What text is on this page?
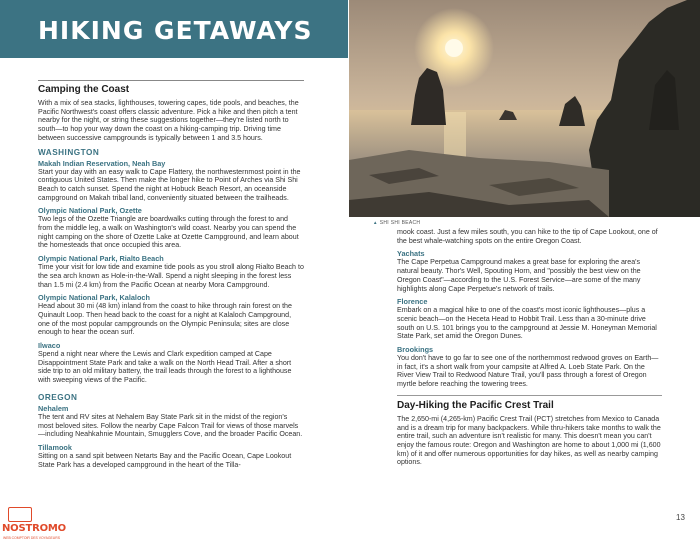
HIKING GETAWAYS
▲ SHI SHI BEACH
Camping the Coast
With a mix of sea stacks, lighthouses, towering capes, tide pools, and beaches, the Pacific Northwest's coast offers classic adventure. Pick a hike and then pitch a tent nearby for the night, or string these suggestions together—they're listed north to south—to hop your way down the coast on a hiking-camping trip. Driving time between successive campgrounds is typically between 1 and 3.5 hours.
WASHINGTON
Makah Indian Reservation, Neah Bay
Start your day with an easy walk to Cape Flattery, the northwesternmost point in the contiguous United States. Then make the longer hike to Point of Arches via Shi Shi Beach to catch sunset. Spend the night at Hobuck Beach Resort, an oceanside campground on Makah tribal land, conveniently situated between the trailheads.
Olympic National Park, Ozette
Two legs of the Ozette Triangle are boardwalks cutting through the forest to and from the middle leg, a walk on Washington's wild coast. Nearby you can spend the night camping on the shore of Ozette Lake at Ozette Campground, and learn about the homesteads that once occupied this area.
Olympic National Park, Rialto Beach
Time your visit for low tide and examine tide pools as you stroll along Rialto Beach to the sea arch known as Hole-in-the-Wall. Spend a night sleeping in the forest less than 1.5 mi (2.4 km) from the Pacific Ocean at nearby Mora Campground.
Olympic National Park, Kalaloch
Head about 30 mi (48 km) inland from the coast to hike through rain forest on the Quinault Loop. Then head back to the coast for a night at Kalaloch Campground, one of the most popular campgrounds on the Olympic Peninsula; sites are close enough to hear the ocean surf.
Ilwaco
Spend a night near where the Lewis and Clark expedition camped at Cape Disappointment State Park and take a walk on the North Head Trail. After a short side trip to an old military battery, the trail leads through the forest to a lighthouse with sweeping views of the Pacific.
OREGON
Nehalem
The tent and RV sites at Nehalem Bay State Park sit in the midst of the region's most beloved sites. Follow the nearby Cape Falcon Trail for views of those marvels—including Neahkahnie Mountain, Smugglers Cove, and the broader Pacific Ocean.
Tillamook
Sitting on a sand spit between Netarts Bay and the Pacific Ocean, Cape Lookout State Park has a developed campground in the heart of the Tilla-
mook coast. Just a few miles south, you can hike to the tip of Cape Lookout, one of the best whale-watching spots on the entire Oregon Coast.
Yachats
The Cape Perpetua Campground makes a great base for exploring the area's natural beauty. Thor's Well, Spouting Horn, and "possibly the best view on the Oregon Coast"—according to the U.S. Forest Service—are some of the many highlights along Cape Perpetue's network of trails.
Florence
Embark on a magical hike to one of the coast's most iconic lighthouses—plus a scenic beach—on the Heceta Head to Hobbit Trail. Less than a 30-minute drive south on U.S. 101 brings you to the campground at Jessie M. Honeyman Memorial State Park, set amid the Oregon Dunes.
Brookings
You don't have to go far to see one of the northernmost redwood groves on Earth—in fact, it's a short walk from your campsite at Alfred A. Loeb State Park. On the River View Trail to Redwood Nature Trail, you'll pass through a forest of Oregon myrtle before reaching the towering trees.
Day-Hiking the Pacific Crest Trail
The 2,650-mi (4,265-km) Pacific Crest Trail (PCT) stretches from Mexico to Canada and is a dream trip for many backpackers. While thru-hikers take months to walk the entire trail, such an adventure isn't realistic for many. This doesn't mean you can't enjoy the famous route: Oregon and Washington are home to about 1,000 mi (1,600 km) of it and offer numerous opportunities for day hikes, as well as nearby camping options.
13
NOSTROMO
WEB COMPTOIR DES VOYAGEURS
